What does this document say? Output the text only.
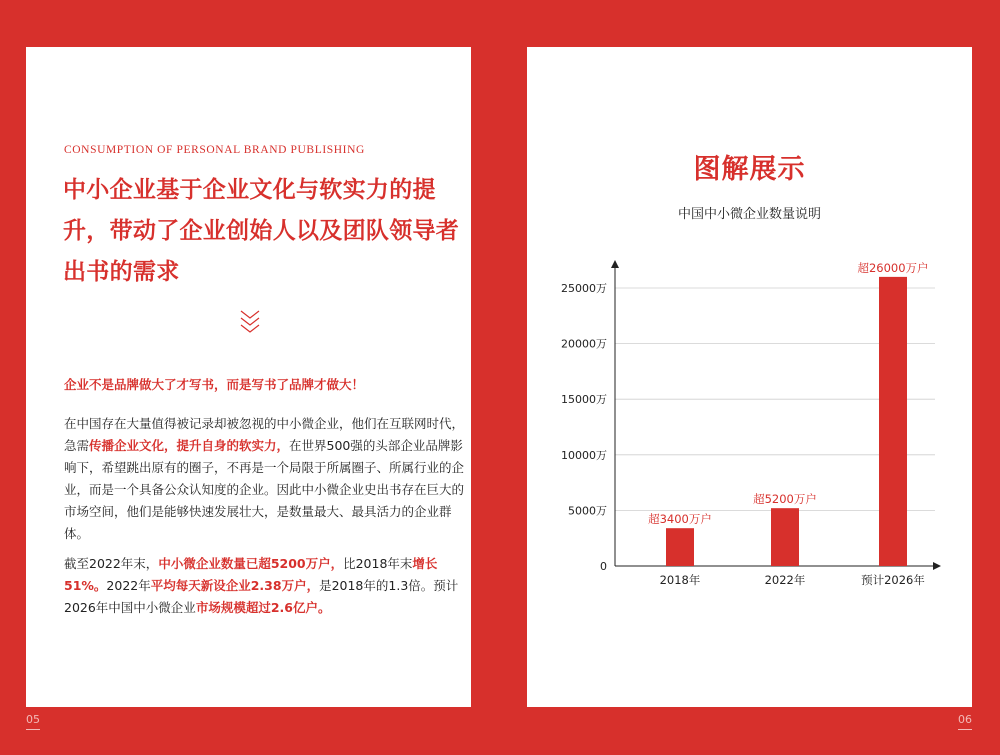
CONSUMPTION OF PERSONAL BRAND PUBLISHING
中小企业基于企业文化与软实力的提升，带动了企业创始人以及团队领导者出书的需求

企业不是品牌做大了才写书，而是写书了品牌才做大！

在中国存在大量值得被记录却被忽视的中小微企业，他们在互联网时代，急需传播企业文化，提升自身的软实力，在世界500强的头部企业品牌影响下，希望跳出原有的圈子，不再是一个局限于所属圈子、所属行业的企业，而是一个具备公众认知度的企业。因此中小微企业史出书存在巨大的市场空间，他们是能够快速发展壮大，是数量最大、最具活力的企业群体。

截至2022年末，中小微企业数量已超5200万户，比2018年末增长51%。2022年平均每天新设企业2.38万户，是2018年的1.3倍。预计2026年中国中小微企业市场规模超过2.6亿户。

图解展示

中国中小微企业数量说明

0
5000万
10000万
15000万
20000万
25000万
超3400万户
2018年
超5200万户
2022年
超26000万户
预计2026年
05	06
